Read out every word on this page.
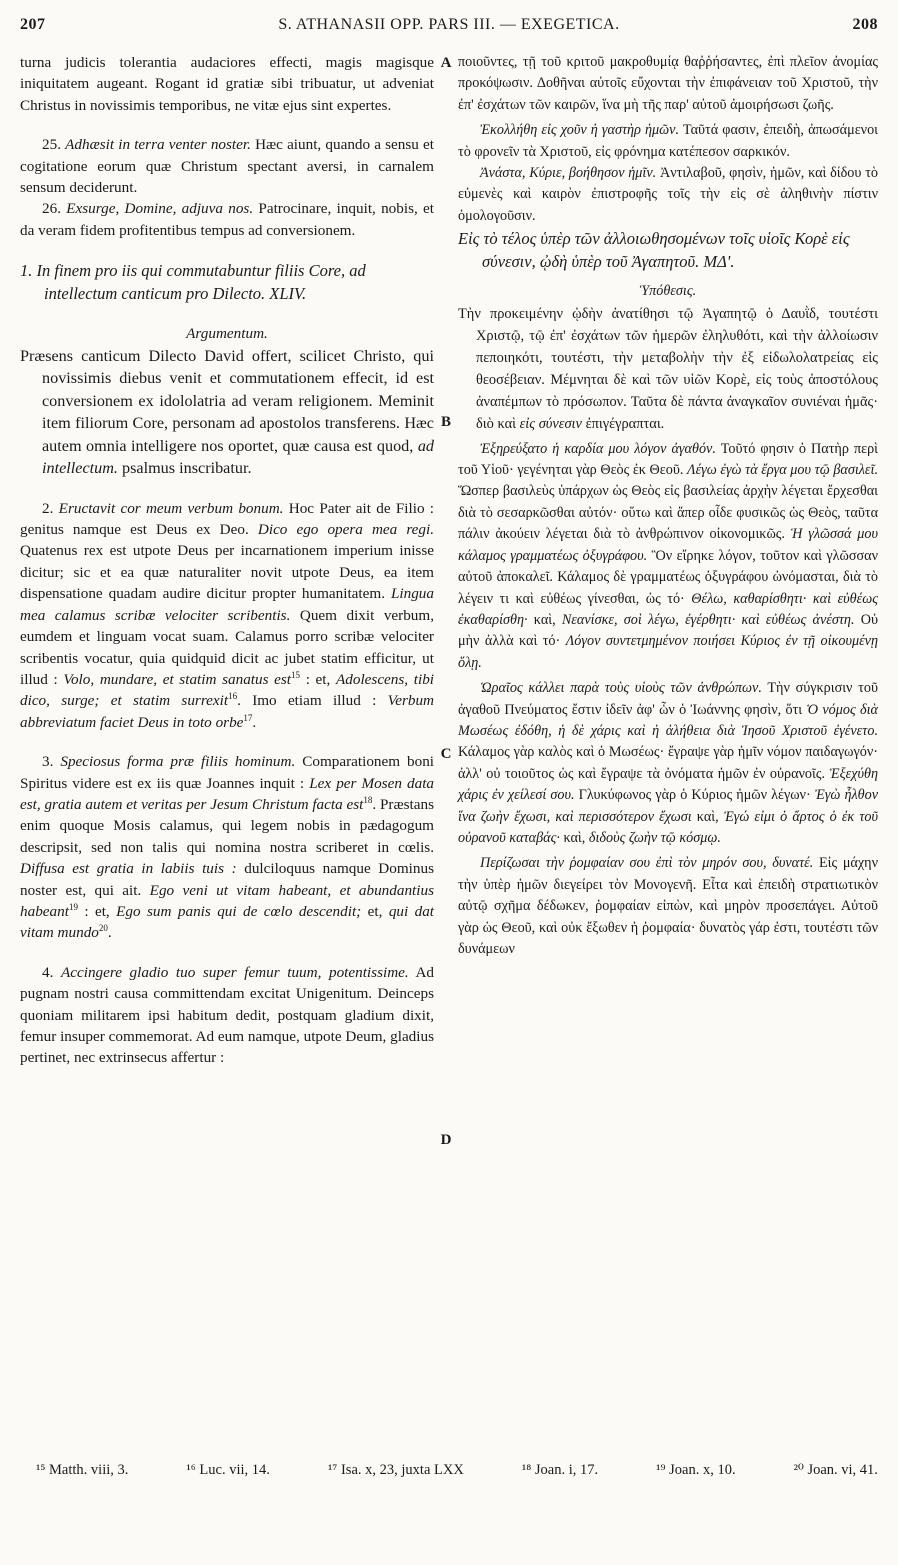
207	S. ATHANASII OPP. PARS III. — EXEGETICA.	208
A
B
C
D

turna judicis tolerantia audaciores effecti, magis magisque iniquitatem augeant. Rogant id gratiæ sibi tribuatur, ut adveniat Christus in novissimis temporibus, ne vitæ ejus sint expertes.

25. Adhæsit in terra venter noster. Hæc aiunt, quando a sensu et cogitatione eorum quæ Christum spectant aversi, in carnalem sensum deciderunt.

26. Exsurge, Domine, adjuva nos. Patrocinare, inquit, nobis, et da veram fidem profitentibus tempus ad conversionem.

1. In finem pro iis qui commutabuntur filiis Core, ad intellectum canticum pro Dilecto. XLIV.

Argumentum.

Præsens canticum Dilecto David offert, scilicet Christo, qui novissimis diebus venit et commutationem effecit, id est conversionem ex idololatria ad veram religionem. Meminit item filiorum Core, personam ad apostolos transferens. Hæc autem omnia intelligere nos oportet, quæ causa est quod, ad intellectum. psalmus inscribatur.

2. Eructavit cor meum verbum bonum. Hoc Pater ait de Filio : genitus namque est Deus ex Deo. Dico ego opera mea regi. Quatenus rex est utpote Deus per incarnationem imperium inisse dicitur; sic et ea quæ naturaliter novit utpote Deus, ea item dispensatione quadam audire dicitur propter humanitatem. Lingua mea calamus scribæ velociter scribentis. Quem dixit verbum, eumdem et linguam vocat suam. Calamus porro scribæ velociter scribentis vocatur, quia quidquid dicit ac jubet statim efficitur, ut illud : Volo, mundare, et statim sanatus est$^{15}$ : et, Adolescens, tibi dico, surge; et statim surrexit$^{16}$. Imo etiam illud : Verbum abbreviatum faciet Deus in toto orbe$^{17}$.

3. Speciosus forma præ filiis hominum. Comparationem boni Spiritus videre est ex iis quæ Joannes inquit : Lex per Mosen data est, gratia autem et veritas per Jesum Christum facta est$^{18}$. Præstans enim quoque Mosis calamus, qui legem nobis in pædagogum descripsit, sed non talis qui nomina nostra scriberet in cœlis. Diffusa est gratia in labiis tuis : dulciloquus namque Dominus noster est, qui ait. Ego veni ut vitam habeant, et abundantius habeant$^{19}$ : et, Ego sum panis qui de cœlo descendit; et, qui dat vitam mundo$^{20}$.

4. Accingere gladio tuo super femur tuum, potentissime. Ad pugnam nostri causa committendam excitat Unigenitum. Deinceps quoniam militarem ipsi habitum dedit, postquam gladium dixit, femur insuper commemorat. Ad eum namque, utpote Deum, gladius pertinet, nec extrinsecus affertur :

ποιοῦντες, τῇ τοῦ κριτοῦ μακροθυμίᾳ θαῤῥήσαντες, ἐπὶ πλεῖον ἀνομίας προκόψωσιν. Δοθῆναι αὐτοῖς εὔχονται τὴν ἐπιφάνειαν τοῦ Χριστοῦ, τὴν ἐπ' ἐσχάτων τῶν καιρῶν, ἵνα μὴ τῆς παρ' αὐτοῦ ἀμοιρήσωσι ζωῆς.

Ἐκολλήθη εἰς χοῦν ἡ γαστὴρ ἡμῶν. Ταῦτά φασιν, ἐπειδὴ, ἀπωσάμενοι τὸ φρονεῖν τὰ Χριστοῦ, εἰς φρόνημα κατέπεσον σαρκικόν.

Ἀνάστα, Κύριε, βοήθησον ἡμῖν. Ἀντιλαβοῦ, φησὶν, ἡμῶν, καὶ δίδου τὸ εὐμενὲς καὶ καιρὸν ἐπιστροφῆς τοῖς τὴν εἰς σὲ ἀληθινὴν πίστιν ὁμολογοῦσιν.

Εἰς τὸ τέλος ὑπὲρ τῶν ἀλλοιωθησομένων τοῖς υἱοῖς Κορὲ εἰς σύνεσιν, ᾠδὴ ὑπὲρ τοῦ Ἀγαπητοῦ. ΜΔ'.

Ὑπόθεσις.

Τὴν προκειμένην ᾠδὴν ἀνατίθησι τῷ Ἀγαπητῷ ὁ Δαυῒδ, τουτέστι Χριστῷ, τῷ ἐπ' ἐσχάτων τῶν ἡμερῶν ἐληλυθότι, καὶ τὴν ἀλλοίωσιν πεποιηκότι, τουτέστι, τὴν μεταβολὴν τὴν ἐξ εἰδωλολατρείας εἰς θεοσέβειαν. Μέμνηται δὲ καὶ τῶν υἱῶν Κορὲ, εἰς τοὺς ἀποστόλους ἀναπέμπων τὸ πρόσωπον. Ταῦτα δὲ πάντα ἀναγκαῖον συνιέναι ἡμᾶς· διὸ καὶ εἰς σύνεσιν ἐπιγέγραπται.

Ἐξηρεύξατο ἡ καρδία μου λόγον ἀγαθόν. Τοῦτό φησιν ὁ Πατὴρ περὶ τοῦ Υἱοῦ· γεγένηται γὰρ Θεὸς ἐκ Θεοῦ. Λέγω ἐγὼ τὰ ἔργα μου τῷ βασιλεῖ. Ὥσπερ βασιλεὺς ὑπάρχων ὡς Θεὸς εἰς βασιλείας ἀρχὴν λέγεται ἔρχεσθαι διὰ τὸ σεσαρκῶσθαι αὐτόν· οὕτω καὶ ἅπερ οἶδε φυσικῶς ὡς Θεὸς, ταῦτα πάλιν ἀκούειν λέγεται διὰ τὸ ἀνθρώπινον οἰκονομικῶς. Ἡ γλῶσσά μου κάλαμος γραμματέως ὀξυγράφου. Ὃν εἴρηκε λόγον, τοῦτον καὶ γλῶσσαν αὐτοῦ ἀποκαλεῖ. Κάλαμος δὲ γραμματέως ὀξυγράφου ὠνόμασται, διὰ τὸ λέγειν τι καὶ εὐθέως γίνεσθαι, ὡς τό· Θέλω, καθαρίσθητι· καὶ εὐθέως ἐκαθαρίσθη· καὶ, Νεανίσκε, σοὶ λέγω, ἐγέρθητι· καὶ εὐθέως ἀνέστη. Οὐ μὴν ἀλλὰ καὶ τό· Λόγον συντετμημένον ποιήσει Κύριος ἐν τῇ οἰκουμένῃ ὅλῃ.

Ὡραῖος κάλλει παρὰ τοὺς υἱοὺς τῶν ἀνθρώπων. Τὴν σύγκρισιν τοῦ ἀγαθοῦ Πνεύματος ἔστιν ἰδεῖν ἀφ' ὧν ὁ Ἰωάννης φησὶν, ὅτι Ὁ νόμος διὰ Μωσέως ἐδόθη, ἡ δὲ χάρις καὶ ἡ ἀλήθεια διὰ Ἰησοῦ Χριστοῦ ἐγένετο. Κάλαμος γὰρ καλὸς καὶ ὁ Μωσέως· ἔγραψε γὰρ ἡμῖν νόμον παιδαγωγόν· ἀλλ' οὐ τοιοῦτος ὡς καὶ ἔγραψε τὰ ὀνόματα ἡμῶν ἐν οὐρανοῖς. Ἐξεχύθη χάρις ἐν χείλεσί σου. Γλυκύφωνος γὰρ ὁ Κύριος ἡμῶν λέγων· Ἐγὼ ἦλθον ἵνα ζωὴν ἔχωσι, καὶ περισσότερον ἔχωσι καὶ, Ἐγώ εἰμι ὁ ἄρτος ὁ ἐκ τοῦ οὐρανοῦ καταβάς· καὶ, διδοὺς ζωὴν τῷ κόσμῳ.

Περίζωσαι τὴν ῥομφαίαν σου ἐπὶ τὸν μηρόν σου, δυνατέ. Εἰς μάχην τὴν ὑπὲρ ἡμῶν διεγείρει τὸν Μονογενῆ. Εἶτα καὶ ἐπειδὴ στρατιωτικὸν αὐτῷ σχῆμα δέδωκεν, ῥομφαίαν εἰπὼν, καὶ μηρὸν προσεπάγει. Αὐτοῦ γὰρ ὡς Θεοῦ, καὶ οὐκ ἔξωθεν ἡ ῥομφαία· δυνατὸς γάρ ἐστι, τουτέστι τῶν δυνάμεων

¹⁵ Matth. viii, 3.	¹⁶ Luc. vii, 14.	¹⁷ Isa. x, 23, juxta LXX	¹⁸ Joan. i, 17.	¹⁹ Joan. x, 10.	²⁰ Joan. vi, 41.
